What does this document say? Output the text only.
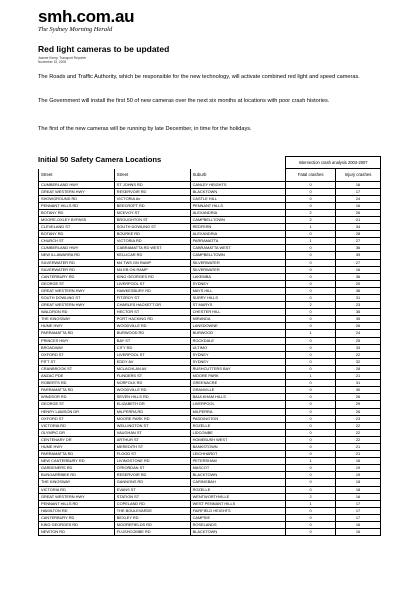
smh.com.au
The Sydney Morning Herald
Red light cameras to be updated
Joanne Kemp, Transport Reporter
November 15, 2008
The Roads and Traffic Authority, which be responsible for the new technology, will activate combined red light and speed cameras.
The Government will install the first 50 of new cameras over the next six months at locations with poor crash histories.
The first of the new cameras will be running by late December, in time for the holidays.
Initial 50 Safety Camera Locations
				Intersection crash analysis 2003-2007	
Street	Street	Suburb	Fatal crashes	Injury crashes
CUMBERLAND HWY	ST JOHNS RD	CANLEY HEIGHTS	0	16
GREAT WESTERN HWY	RESERVOIR RD	BLACKTOWN	0	17
SHOWGROUND RD	VICTORIA Av	CASTLE HILL	0	24
PENNANT HILLS RD	BEECROFT RD	PENNANT HILLS	0	16
BOTANY RD	MCEVOY ST	ALEXANDRIA	2	26
MOORE-OXLEY BYPASS	BROUGHTON ST	CAMPBELLTOWN	2	21
CLEVELAND ST	SOUTH DOWLING ST	REDFERN	1	34
BOTANY RD	BOURKE RD	ALEXANDRIA	0	28
CHURCH ST	VICTORIA RD	PARRAMATTA	1	27
CUMBERLAND HWY	CABRAMATTA RD WEST	CABRAMATTA WEST	0	36
NEW ILLAWARRA RD	KELLICAR RD	CAMPBELLTOWN	0	39
SILVERWATER RD	M4 TWS ON RAMP	SILVERWATER	0	27
SILVERWATER RD	M4 EB ON RAMP	SILVERWATER	0	16
CANTERBURY RD	KING GEORGES RD	LAKEMBA	0	36
GEORGE ST	LIVERPOOL ST	SYDNEY	0	20
GREAT WESTERN HWY	HAWKESBURY RD	MAYS HILL	0	36
SOUTH DOWLING ST	FITZROY ST	SURRY HILLS	0	31
GREAT WESTERN HWY	CHARLES HACKETT DR	ST MARYS	2	23
WALDRON RD	HECTOR ST	CHESTER HILL	0	36
THE KINGSWAY	PORT HACKING RD	MIRANDA	0	35
HUME HWY	WOODVILLE RD	LANSDOWNE	0	26
PARRAMATTA RD	BURWOOD RD	BURWOOD	1	24
PRINCES HWY	BAY ST	ROCKDALE	0	25
BROADWAY	CITY RD	ULTIMO	0	33
OXFORD ST	LIVERPOOL ST	SYDNEY	0	22
PITT ST	EDDY AV	SYDNEY	0	32
CRANBROOK ST	MCLACHLAN AV	RUSHCUTTERS BAY	0	28
ANZAC PDE	FLINDERS ST	MOORE PARK	1	21
ROBERTS RD	NORFOLK RD	GREENACRE	0	31
PARRAMATTA RD	WOODVILLE RD	GRANVILLE	0	30
WINDSOR RD	SEVEN HILLS RD	BAULKHAM HILLS	0	26
GEORGE ST	ELIZABETH DR	LIVERPOOL	0	29
HENRY LAWSON DR	MILPERRA RD	MILPERRA	0	26
OXFORD ST	MOORE PARK RD	PADDINGTON	0	23
VICTORIA RD	WELLINGTON ST	ROZELLE	0	22
OLYMPIC DR	VAUGHAN ST	LIDCOMBE	0	22
CENTENARY DR	ARTHUR ST	HOMEBUSH WEST	0	22
HUME HWY	MEREDITH ST	BANKSTOWN	0	21
PARRAMATTA RD	FLOOD ST	LEICHHARDT	0	21
NEW CANTERBURY RD	LIVINGSTONE RD	PETERSHAM	1	16
GARDENERS RD	O'RIORDAN ST	MASCOT	0	19
BUNGARRIBEE RD	RESERVOIR RD	BLACKTOWN	0	19
THE KINGSWAY	GANNONS RD	CARINGBAH	0	18
VICTORIA RD	EVANS ST	ROZELLE	0	18
GREAT WESTERN HWY	STATION ST	WENTWORTHVILLE	2	16
PENNANT HILLS RD	COPELAND RD	WEST PENNANT HILLS	1	17
HAMILTON RD	THE BOULEVARDE	FAIRFIELD HEIGHTS	0	17
CANTERBURY RD	BEXLEY RD	CAMPSIE	0	17
KING GEORGES RD	MOOREFIELDS RD	ROSELANDS	0	16
NEWTON RD	FLUSHCOMBE RD	BLACKTOWN	0	16
